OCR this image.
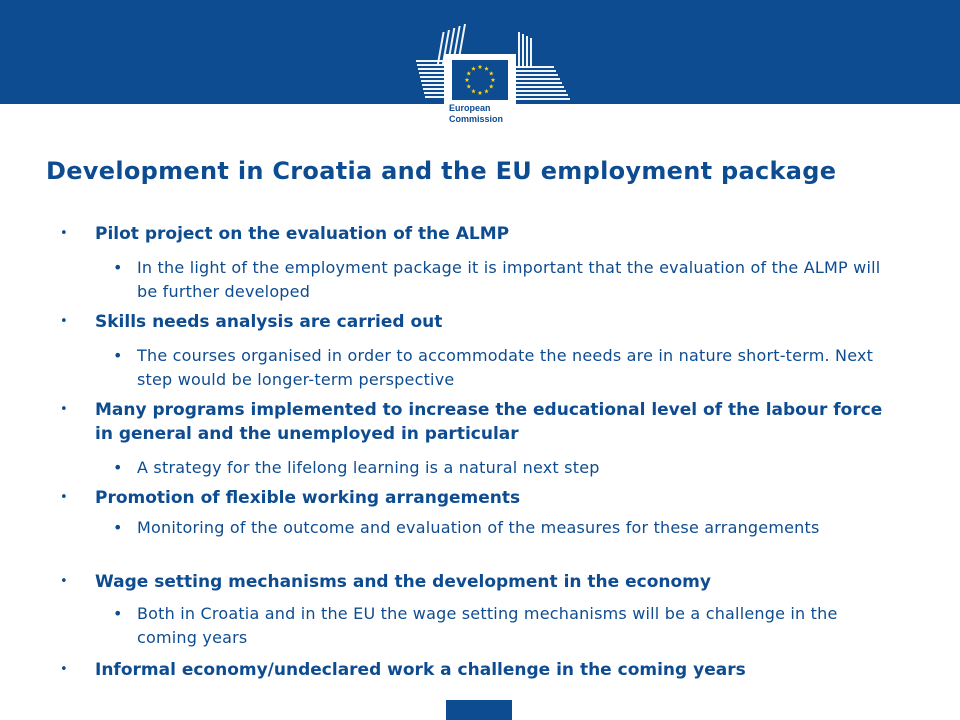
European
Commission
Development in Croatia and the EU employment package
• Pilot project on the evaluation of the ALMP
• In the light of the employment package it is important that the evaluation of the ALMP will be further developed
• Skills needs analysis are carried out
• The courses organised in order to accommodate the needs are in nature short-term. Next step would be longer-term perspective
• Many programs implemented to increase the educational level of the labour force in general and the unemployed in particular
• A strategy for the lifelong learning is a natural next step
• Promotion of flexible working arrangements
• Monitoring of the outcome and evaluation of the measures for these arrangements
• Wage setting mechanisms and the development in the economy
• Both in Croatia and in the EU the wage setting mechanisms will be a challenge in the coming years
• Informal economy/undeclared work a challenge in the coming years
